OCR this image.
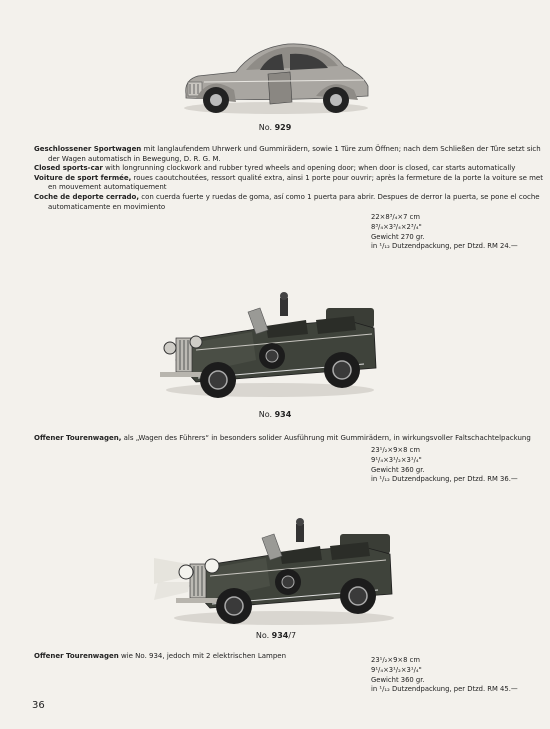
No. 929
Geschlossener Sportwagen mit langlaufendem Uhrwerk und Gummirädern, sowie 1 Türe zum Öffnen; nach dem Schließen der Türe setzt sich
der Wagen automatisch in Bewegung, D. R. G. M.
Closed sports-car with longrunning clockwork and rubber tyred wheels and opening door; when door is closed, car starts automatically
Voiture de sport fermée, roues caoutchoutées, ressort qualité extra, ainsi 1 porte pour ouvrir; après la fermeture de la porte la voiture se met
en mouvement automatiquement
Coche de deporte cerrado, con cuerda fuerte y ruedas de goma, así como 1 puerta para abrir. Despues de derror la puerta, se pone el coche
automaticamente en movimiento
22×8³/₄×7 cm
8³/₄×3³/₄×2³/₄"
Gewicht 270 gr.
in ¹/₁₂ Dutzendpackung, per Dtzd. RM 24.—
No. 934
Offener Tourenwagen, als „Wagen des Führers“ in besonders solider Ausführung mit Gummirädern, in wirkungsvoller Faltschachtelpackung
23¹/₂×9×8 cm
9¹/₄×3¹/₂×3¹/₄"
Gewicht 360 gr.
in ¹/₁₂ Dutzendpackung, per Dtzd. RM 36.—
No. 934/7
Offener Tourenwagen wie No. 934, jedoch mit 2 elektrischen Lampen	23¹/₂×9×8 cm
9¹/₄×3¹/₂×3¹/₄"
Gewicht 360 gr.
in ¹/₁₂ Dutzendpackung, per Dtzd. RM 45.—
36
